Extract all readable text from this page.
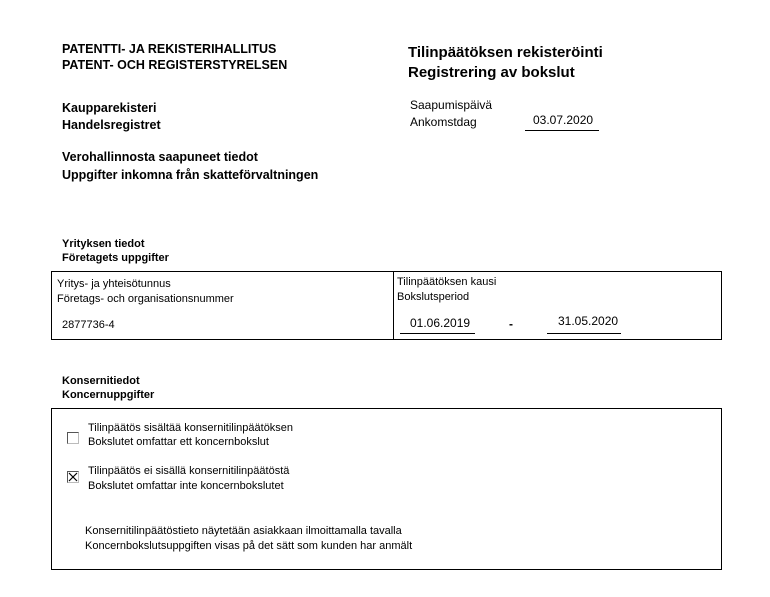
PATENTTI- JA REKISTERIHALLITUS
PATENT- OCH REGISTERSTYRELSEN
Tilinpäätöksen rekisteröinti
Registrering av bokslut
Kaupparekisteri
Handelsregistret
Saapumispäivä
Ankomstdag	03.07.2020
Verohallinnosta saapuneet tiedot
Uppgifter inkomna från skatteförvaltningen
Yrityksen tiedot
Företagets uppgifter
Yritys- ja yhteisötunnus
Företags- och organisationsnummer
2877736-4
Tilinpäätöksen kausi
Bokslutsperiod
01.06.2019	-	31.05.2020
Konsernitiedot
Koncernuppgifter
Tilinpäätös sisältää konsernitilinpäätöksen
Bokslutet omfattar ett koncernbokslut
Tilinpäätös ei sisällä konsernitilinpäätöstä
Bokslutet omfattar inte koncernbokslutet
Konsernitilinpäätöstieto näytetään asiakkaan ilmoittamalla tavalla
Koncernbokslutsuppgiften visas på det sätt som kunden har anmält
